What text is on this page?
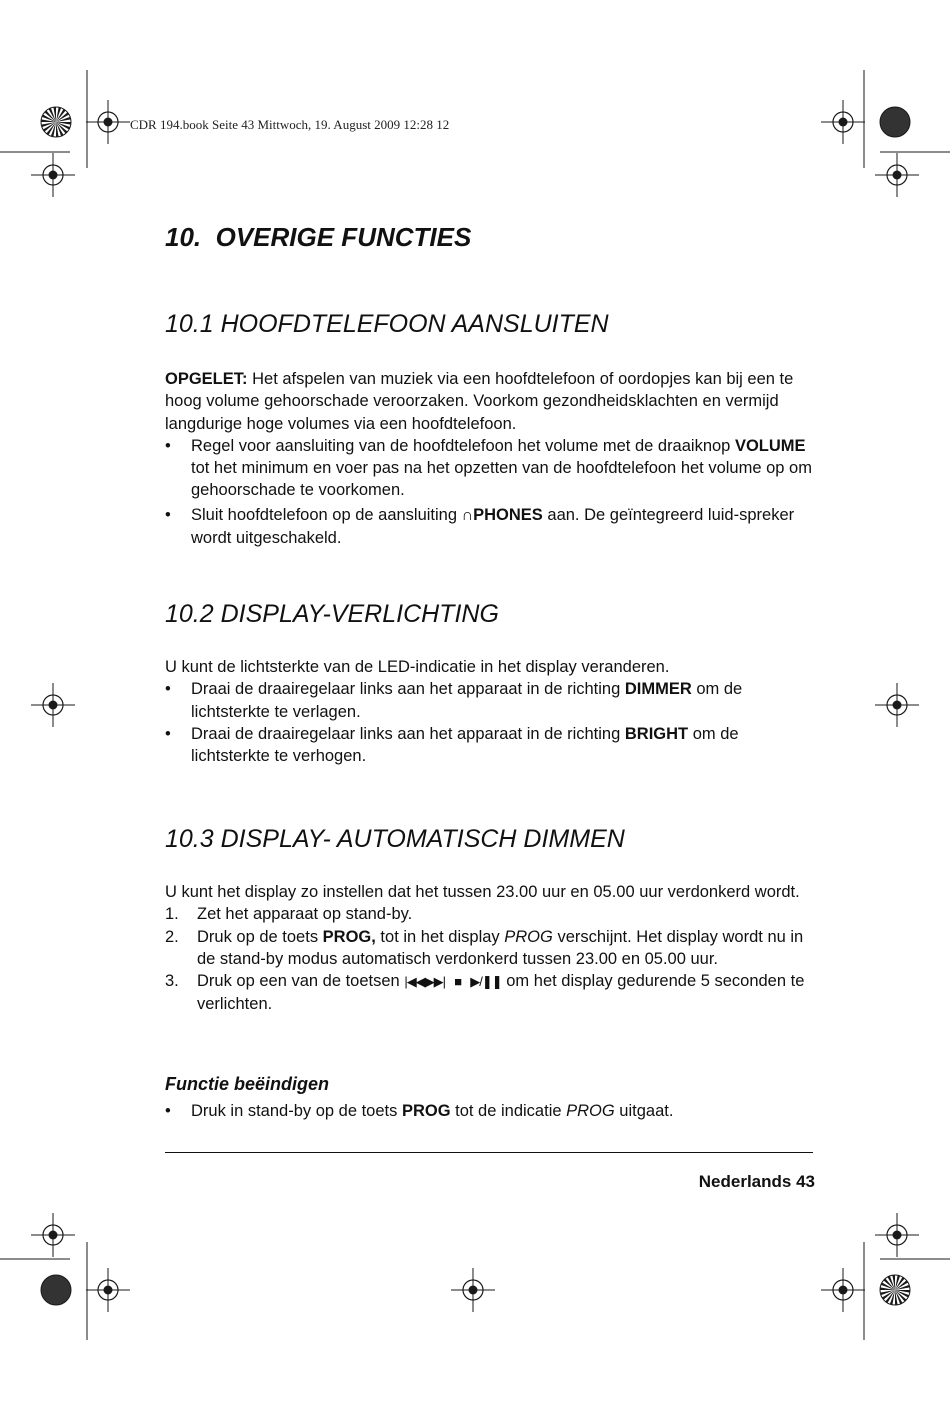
CDR 194.book Seite 43 Mittwoch, 19. August 2009 12:28 12
10. OVERIGE FUNCTIES
10.1 HOOFDTELEFOON AANSLUITEN

OPGELET: Het afspelen van muziek via een hoofdtelefoon of oordopjes kan bij een te hoog volume gehoorschade veroorzaken. Voorkom gezondheidsklachten en vermijd langdurige hoge volumes via een hoofdtelefoon.

• Regel voor aansluiting van de hoofdtelefoon het volume met de draaiknop VOLUME tot het minimum en voer pas na het opzetten van de hoofdtelefoon het volume op om gehoorschade te voorkomen.

• Sluit hoofdtelefoon op de aansluiting ∩PHONES aan. De geïntegreerd luid-spreker wordt uitgeschakeld.

10.2 DISPLAY-VERLICHTING

U kunt de lichtsterkte van de LED-indicatie in het display veranderen.

• Draai de draairegelaar links aan het apparaat in de richting DIMMER om de lichtsterkte te verlagen.

• Draai de draairegelaar links aan het apparaat in de richting BRIGHT om de lichtsterkte te verhogen.

10.3 DISPLAY- AUTOMATISCH DIMMEN

U kunt het display zo instellen dat het tussen 23.00 uur en 05.00 uur verdonkerd wordt.

1. Zet het apparaat op stand-by.

2. Druk op de toets PROG, tot in het display PROG verschijnt. Het display wordt nu in de stand-by modus automatisch verdonkerd tussen 23.00 en 05.00 uur.

3. Druk op een van de toetsen |◀◀▶▶| ■ ▶/❚❚ om het display gedurende 5 seconden te verlichten.

Functie beëindigen

• Druk in stand-by op de toets PROG tot de indicatie PROG uitgaat.

Nederlands 43
